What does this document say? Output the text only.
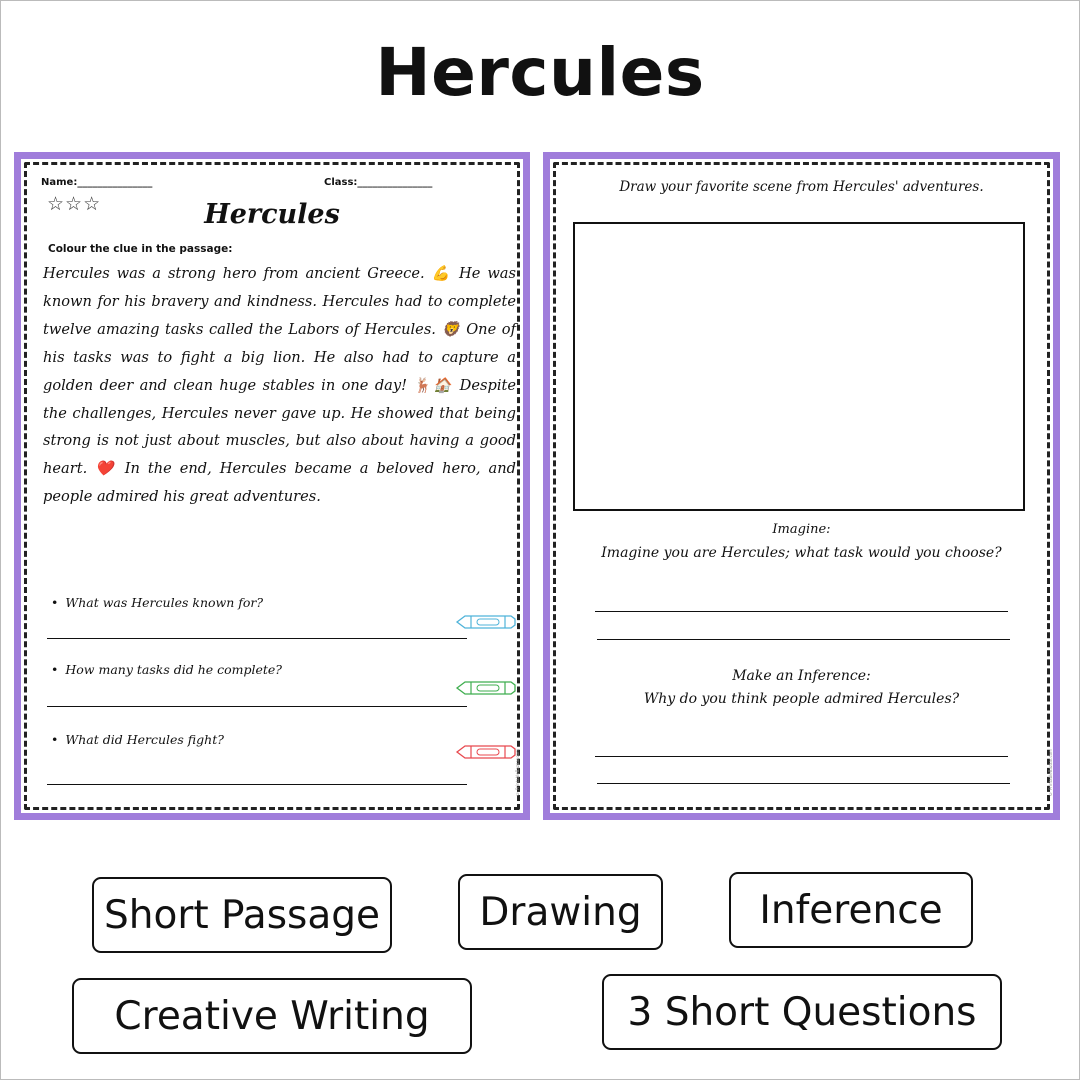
Hercules
Name:_______________	Class:_______________
☆☆☆	Hercules
Colour the clue in the passage:
Hercules was a strong hero from ancient Greece. 💪 He was known for his bravery and kindness. Hercules had to complete twelve amazing tasks called the Labors of Hercules. 🦁 One of his tasks was to fight a big lion. He also had to capture a golden deer and clean huge stables in one day! 🦌🏠 Despite the challenges, Hercules never gave up. He showed that being strong is not just about muscles, but also about having a good heart. ❤️ In the end, Hercules became a beloved hero, and people admired his great adventures.
• What was Hercules known for?
• How many tasks did he complete?
• What did Hercules fight?
© PrintableBazaar.com
Draw your favorite scene from Hercules' adventures.
Imagine:
Imagine you are Hercules; what task would you choose?
Make an Inference:
Why do you think people admired Hercules?
© PrintableBazaar.com
Short Passage	Drawing	Inference
Creative Writing	3 Short Questions
